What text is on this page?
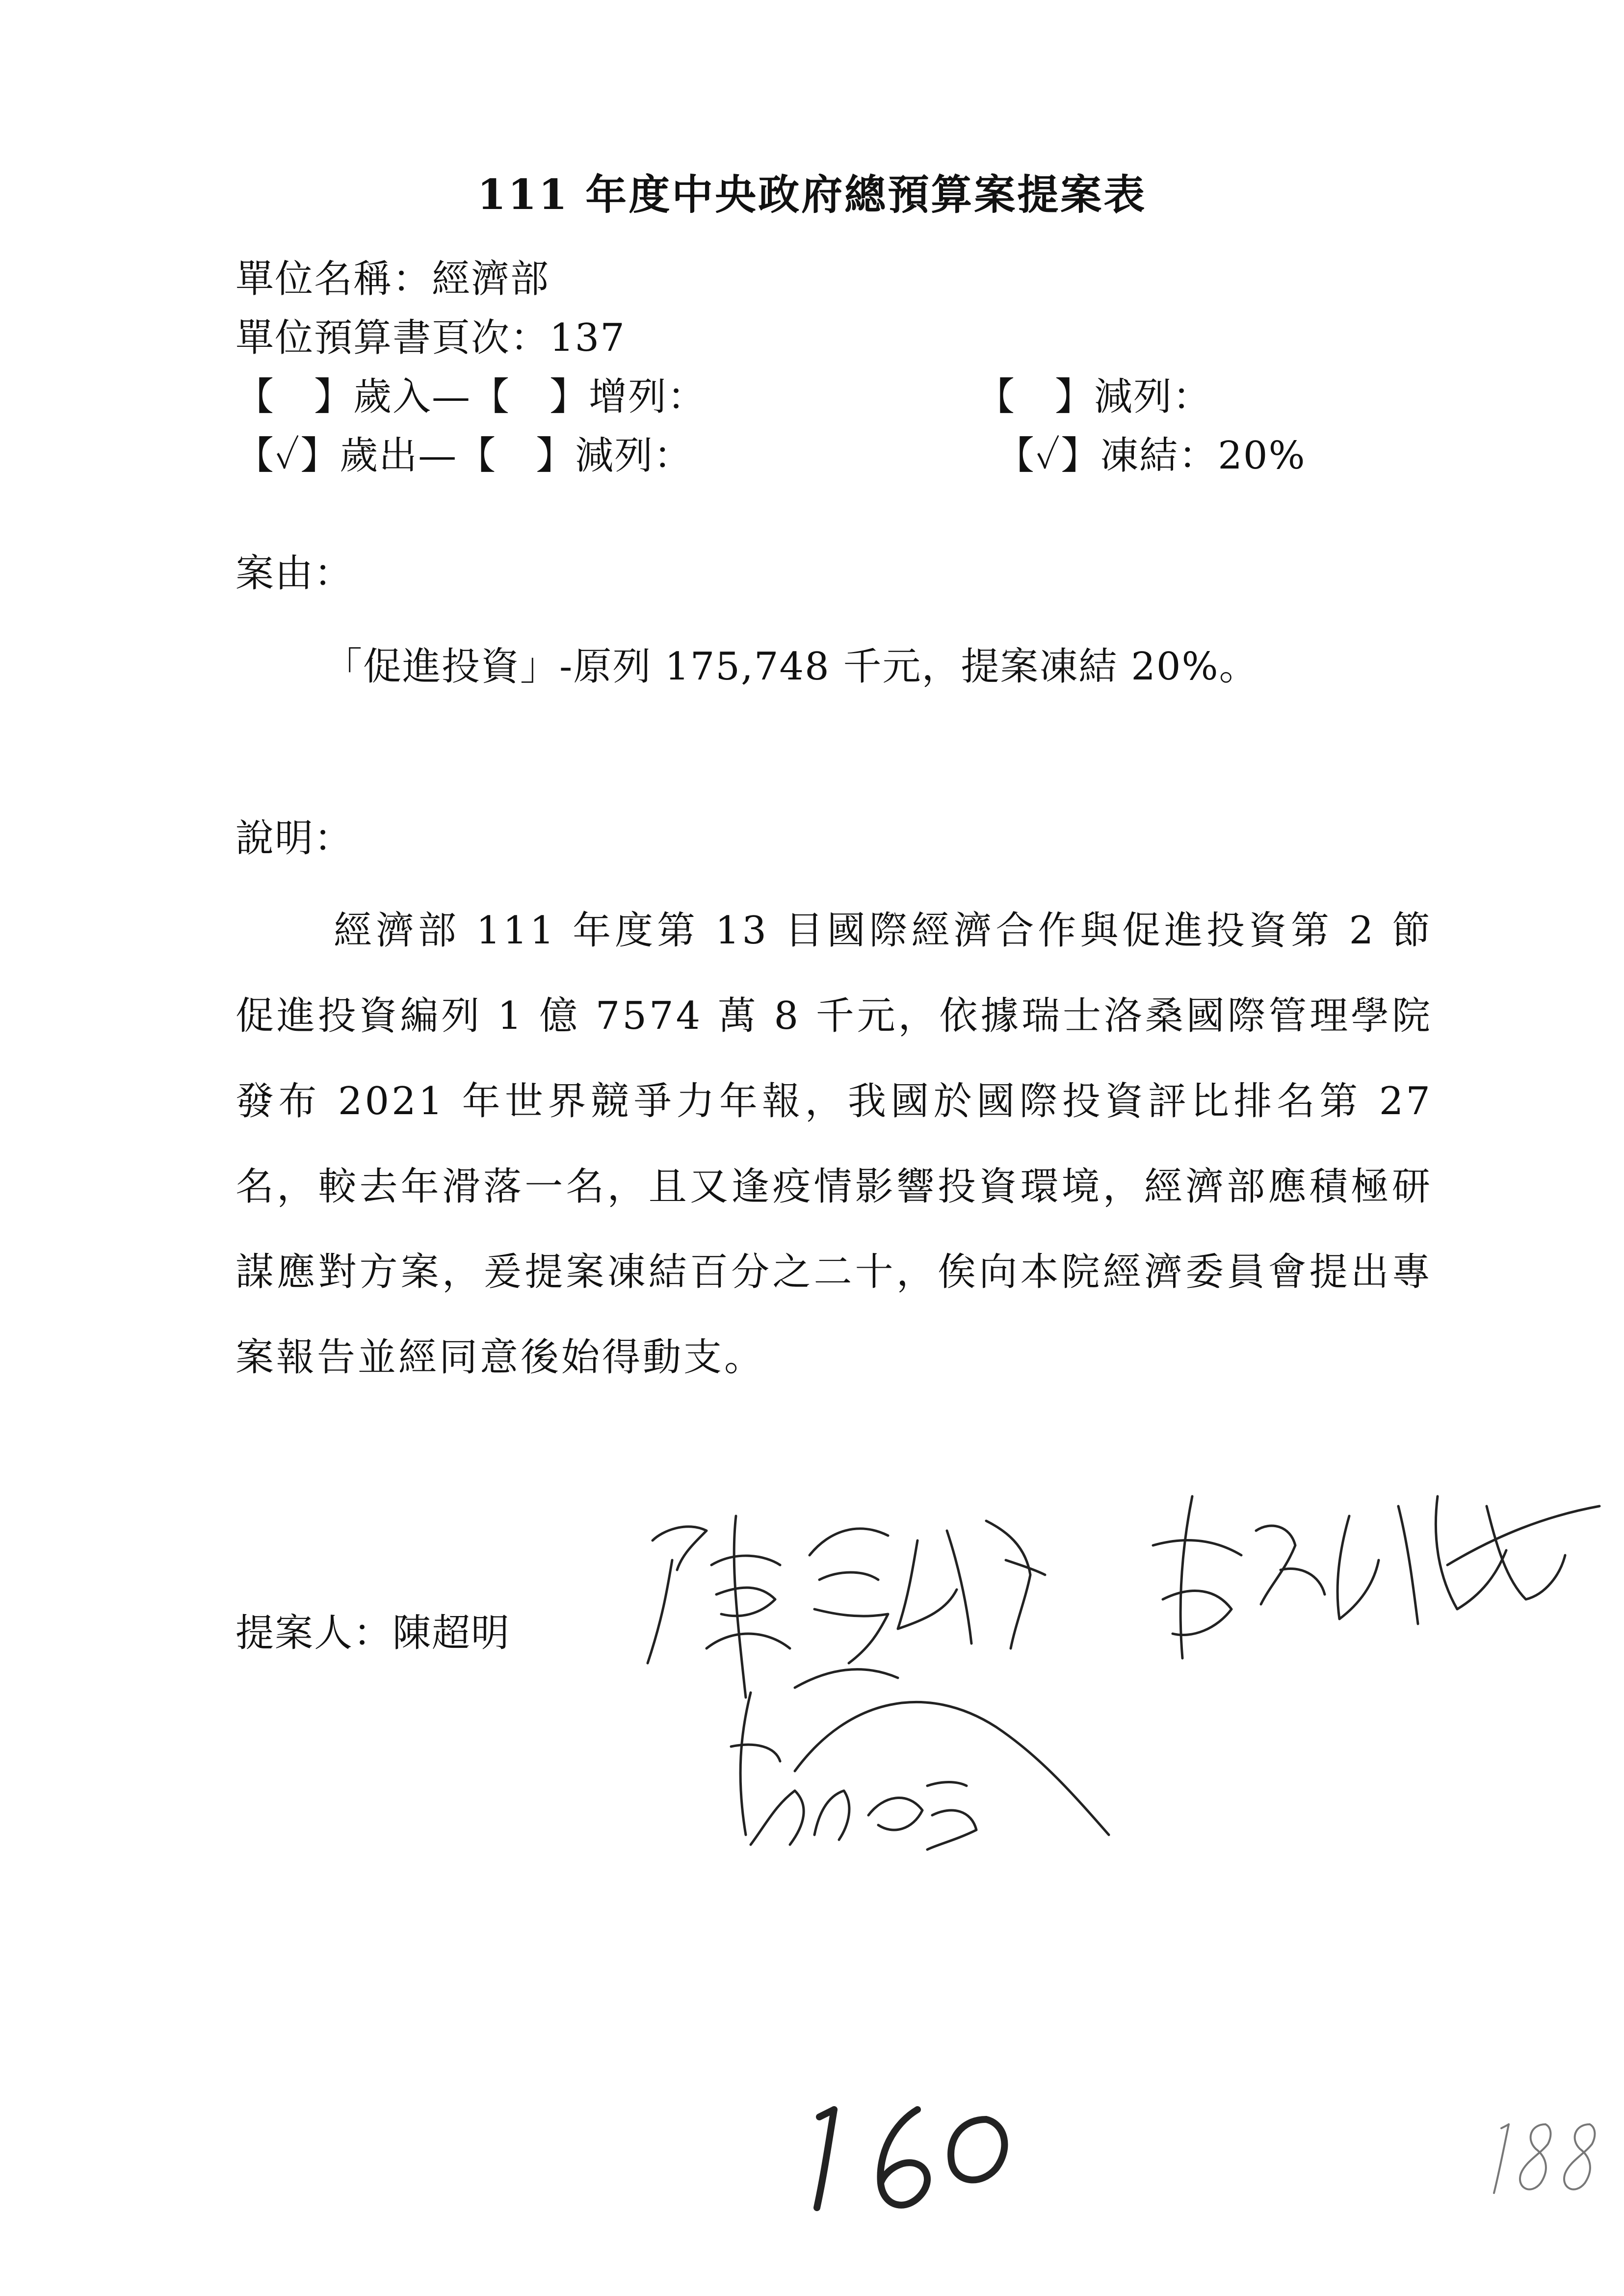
111 年度中央政府總預算案提案表
單位名稱：經濟部
單位預算書頁次：137
【　】歲入—【　】增列：	【　】減列：
【✓】歲出—【　】減列：	【✓】凍結：20%
案由：
「促進投資」-原列 175,748 千元，提案凍結 20%。
說明：
經濟部 111 年度第 13 目國際經濟合作與促進投資第 2 節促進投資編列 1 億 7574 萬 8 千元，依據瑞士洛桑國際管理學院發布 2021 年世界競爭力年報，我國於國際投資評比排名第 27 名，較去年滑落一名，且又逢疫情影響投資環境，經濟部應積極研謀應對方案，爰提案凍結百分之二十，俟向本院經濟委員會提出專案報告並經同意後始得動支。
提案人：陳超明
